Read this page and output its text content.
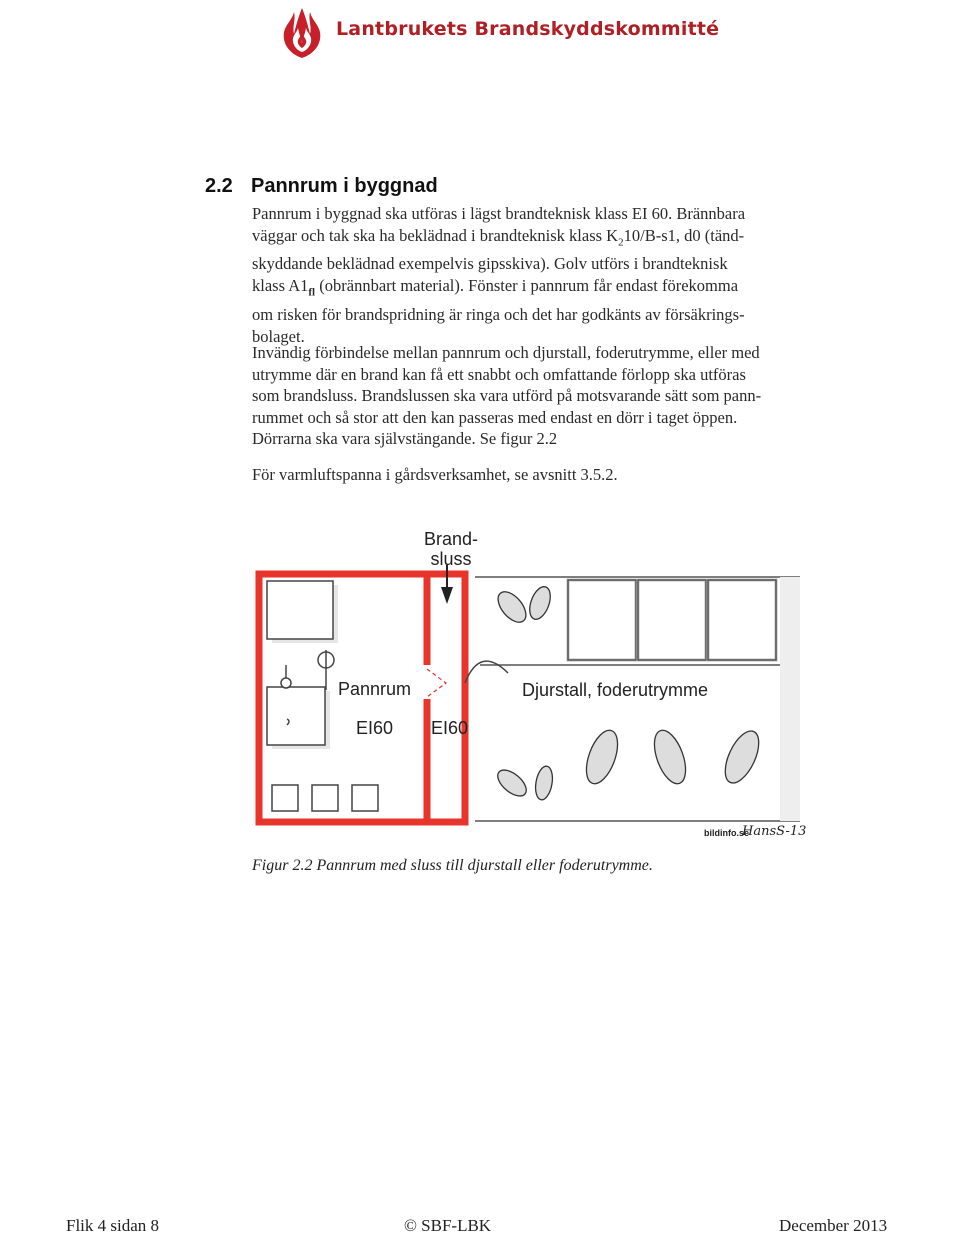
Lantbrukets Brandskyddskommitté
2.2 Pannrum i byggnad
Pannrum i byggnad ska utföras i lägst brandteknisk klass EI 60. Brännbara
väggar och tak ska ha beklädnad i brandteknisk klass $K_210/B-s1$, d0 (tänd-
skyddande beklädnad exempelvis gipsskiva). Golv utförs i brandteknisk
klass $A1_{fl}$ (obrännbart material). Fönster i pannrum får endast förekomma
om risken för brandspridning är ringa och det har godkänts av försäkrings-
bolaget.
Invändig förbindelse mellan pannrum och djurstall, foderutrymme, eller med
utrymme där en brand kan få ett snabbt och omfattande förlopp ska utföras
som brandsluss. Brandslussen ska vara utförd på motsvarande sätt som pann-
rummet och så stor att den kan passeras med endast en dörr i taget öppen.
Dörrarna ska vara självstängande. Se figur 2.2
För varmluftspanna i gårdsverksamhet, se avsnitt 3.5.2.
Brand-
sluss
Pannrum	Djurstall, foderutrymme
EI60 EI60
bildinfo.se
HansS-13
Figur 2.2 Pannrum med sluss till djurstall eller foderutrymme.
Flik 4 sidan 8	© SBF-LBK	December 2013
